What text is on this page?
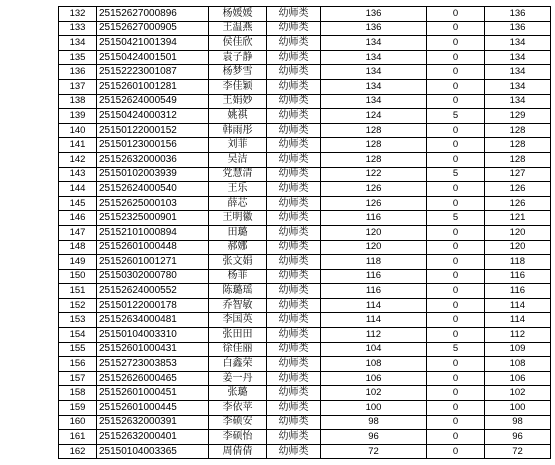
132	25152627000896	杨媛媛	幼师类	136	0	136
133	25152627000905	王温燕	幼师类	136	0	136
134	25150421001394	侯佳欣	幼师类	134	0	134
135	25150424001501	袁子静	幼师类	134	0	134
136	25152223001087	杨梦雪	幼师类	134	0	134
137	25152601001281	李佳颖	幼师类	134	0	134
138	25152624000549	王娟妙	幼师类	134	0	134
139	25150424000312	姚祺	幼师类	124	5	129
140	25150122000152	韩雨彤	幼师类	128	0	128
141	25150123000156	刘菲	幼师类	128	0	128
142	25152632000036	吴洁	幼师类	128	0	128
143	25150102003939	党慧清	幼师类	122	5	127
144	25152624000540	王乐	幼师类	126	0	126
145	25152625000103	薛芯	幼师类	126	0	126
146	25152325000901	王明徽	幼师类	116	5	121
147	25152101000894	田璐	幼师类	120	0	120
148	25152601000448	郝娜	幼师类	120	0	120
149	25152601001271	张文娟	幼师类	118	0	118
150	25150302000780	杨菲	幼师类	116	0	116
151	25152624000552	陈璐瑶	幼师类	116	0	116
152	25150122000178	乔智敏	幼师类	114	0	114
153	25152634000481	李国英	幼师类	114	0	114
154	25150104003310	张田田	幼师类	112	0	112
155	25152601000431	徐佳丽	幼师类	104	5	109
156	25152723003853	白鑫荣	幼师类	108	0	108
157	25152626000465	姜一丹	幼师类	106	0	106
158	25152601000451	张璐	幼师类	102	0	102
159	25152601000445	李依苹	幼师类	100	0	100
160	25152632000391	李硕安	幼师类	98	0	98
161	25152632000401	李硕怡	幼师类	96	0	96
162	25150104003365	周倩倩	幼师类	72	0	72
